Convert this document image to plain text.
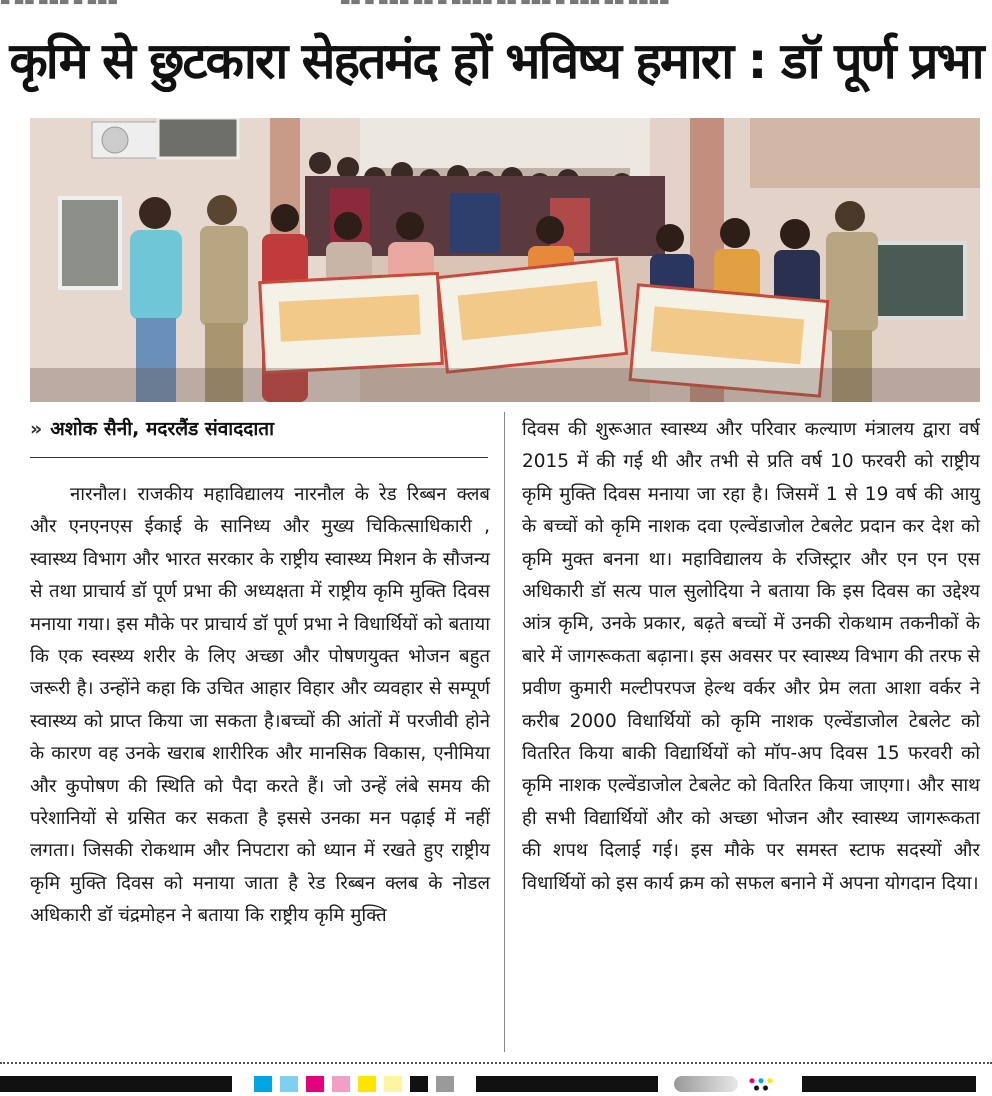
▬ ▬▬ ▬▬▬ ▬ ▬▬▬	▬▬ ▬ ▬▬▬ ▬▬ ▬ ▬▬▬▬ ▬▬ ▬▬▬ ▬ ▬▬▬ ▬▬ ▬▬▬▬
कृमि से छुटकारा सेहतमंद हों भविष्य हमारा : डॉ पूर्ण प्रभा
» अशोक सैनी, मदरलैंड संवाददाता
नारनौल। राजकीय महाविद्यालय नारनौल के रेड रिब्बन क्लब और एनएनएस ईकाई के सानिध्य और मुख्य चिकित्साधिकारी , स्वास्थ्य विभाग और भारत सरकार के राष्ट्रीय स्वास्थ्य मिशन के सौजन्य से तथा प्राचार्य डॉ पूर्ण प्रभा की अध्यक्षता में राष्ट्रीय कृमि मुक्ति दिवस मनाया गया। इस मौके पर प्राचार्य डॉ पूर्ण प्रभा ने विधार्थियों को बताया कि एक स्वस्थ्य शरीर के लिए अच्छा और पोषणयुक्त भोजन बहुत जरूरी है। उन्होंने कहा कि उचित आहार विहार और व्यवहार से सम्पूर्ण स्वास्थ्य को प्राप्त किया जा सकता है।बच्चों की आंतों में परजीवी होने के कारण वह उनके खराब शारीरिक और मानसिक विकास, एनीमिया और कुपोषण की स्थिति को पैदा करते हैं। जो उन्हें लंबे समय की परेशानियों से ग्रसित कर सकता है इससे उनका मन पढ़ाई में नहीं लगता। जिसकी रोकथाम और निपटारा को ध्यान में रखते हुए राष्ट्रीय कृमि मुक्ति दिवस को मनाया जाता है रेड रिब्बन क्लब के नोडल अधिकारी डॉ चंद्रमोहन ने बताया कि राष्ट्रीय कृमि मुक्ति
दिवस की शुरूआत स्वास्थ्य और परिवार कल्याण मंत्रालय द्वारा वर्ष 2015 में की गई थी और तभी से प्रति वर्ष 10 फरवरी को राष्ट्रीय कृमि मुक्ति दिवस मनाया जा रहा है। जिसमें 1 से 19 वर्ष की आयु के बच्चों को कृमि नाशक दवा एल्वेंडाजोल टेबलेट प्रदान कर देश को कृमि मुक्त बनना था। महाविद्यालय के रजिस्ट्रार और एन एन एस अधिकारी डॉ सत्य पाल सुलोदिया ने बताया कि इस दिवस का उद्देश्य आंत्र कृमि, उनके प्रकार, बढ़ते बच्चों में उनकी रोकथाम तकनीकों के बारे में जागरूकता बढ़ाना। इस अवसर पर स्वास्थ्य विभाग की तरफ से प्रवीण कुमारी मल्टीपरपज हेल्थ वर्कर और प्रेम लता आशा वर्कर ने करीब 2000 विधार्थियों को कृमि नाशक एल्वेंडाजोल टेबलेट को वितरित किया बाकी विद्यार्थियों को मॉप-अप दिवस 15 फरवरी को कृमि नाशक एल्वेंडाजोल टेबलेट को वितरित किया जाएगा। और साथ ही सभी विद्यार्थियों और को अच्छा भोजन और स्वास्थ्य जागरूकता की शपथ दिलाई गई। इस मौके पर समस्त स्टाफ सदस्यों और विधार्थियों को इस कार्य क्रम को सफल बनाने में अपना योगदान दिया।
